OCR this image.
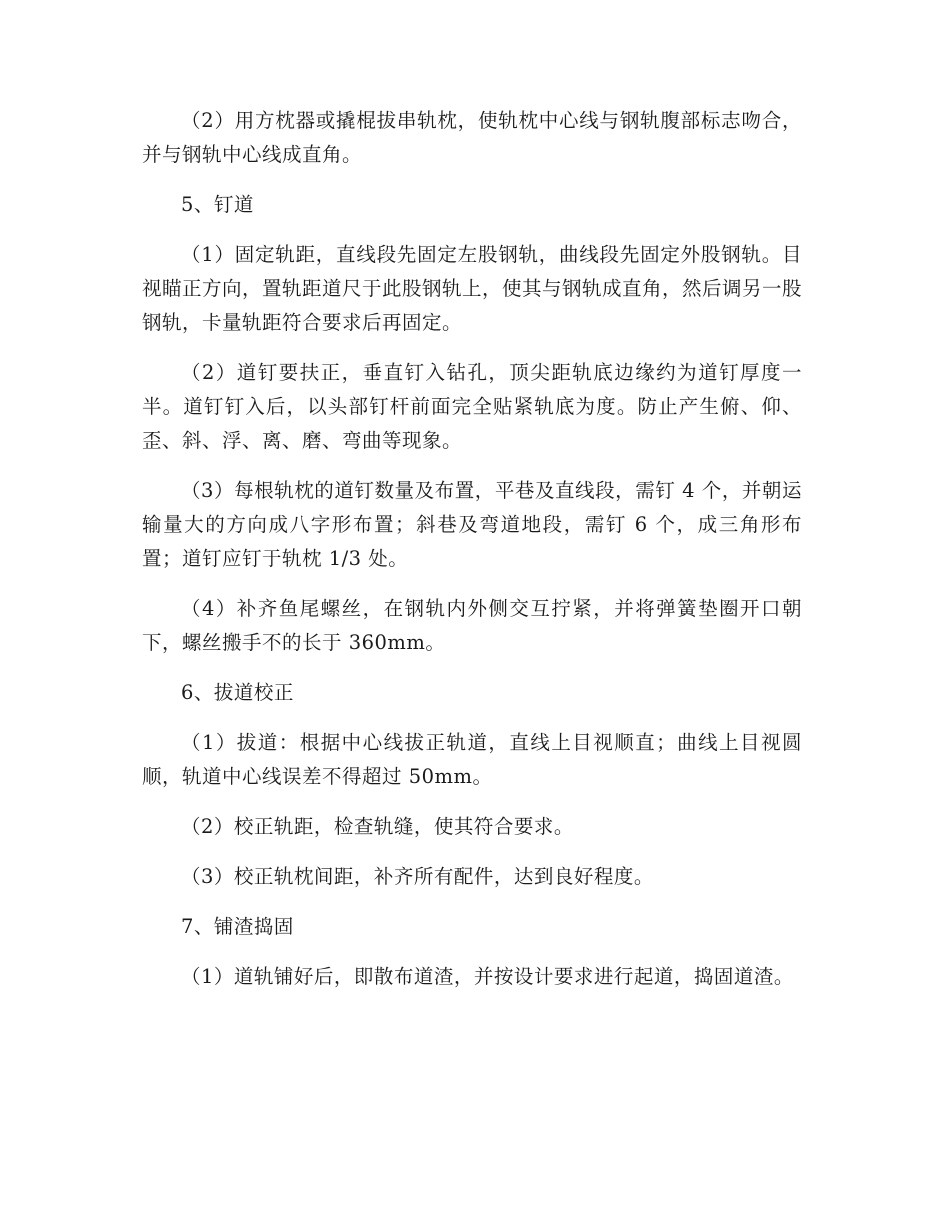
（2）用方枕器或撬棍拔串轨枕，使轨枕中心线与钢轨腹部标志吻合，并与钢轨中心线成直角。

5、钉道

（1）固定轨距，直线段先固定左股钢轨，曲线段先固定外股钢轨。目视瞄正方向，置轨距道尺于此股钢轨上，使其与钢轨成直角，然后调另一股钢轨，卡量轨距符合要求后再固定。

（2）道钉要扶正，垂直钉入钻孔，顶尖距轨底边缘约为道钉厚度一半。道钉钉入后，以头部钉杆前面完全贴紧轨底为度。防止产生俯、仰、歪、斜、浮、离、磨、弯曲等现象。

（3）每根轨枕的道钉数量及布置，平巷及直线段，需钉 4 个，并朝运输量大的方向成八字形布置；斜巷及弯道地段，需钉 6 个，成三角形布置；道钉应钉于轨枕 1/3 处。

（4）补齐鱼尾螺丝，在钢轨内外侧交互拧紧，并将弹簧垫圈开口朝下，螺丝搬手不的长于 360mm。

6、拔道校正

（1）拔道：根据中心线拔正轨道，直线上目视顺直；曲线上目视圆顺，轨道中心线误差不得超过 50mm。

（2）校正轨距，检查轨缝，使其符合要求。

（3）校正轨枕间距，补齐所有配件，达到良好程度。

7、铺渣捣固

（1）道轨铺好后，即散布道渣，并按设计要求进行起道，捣固道渣。
